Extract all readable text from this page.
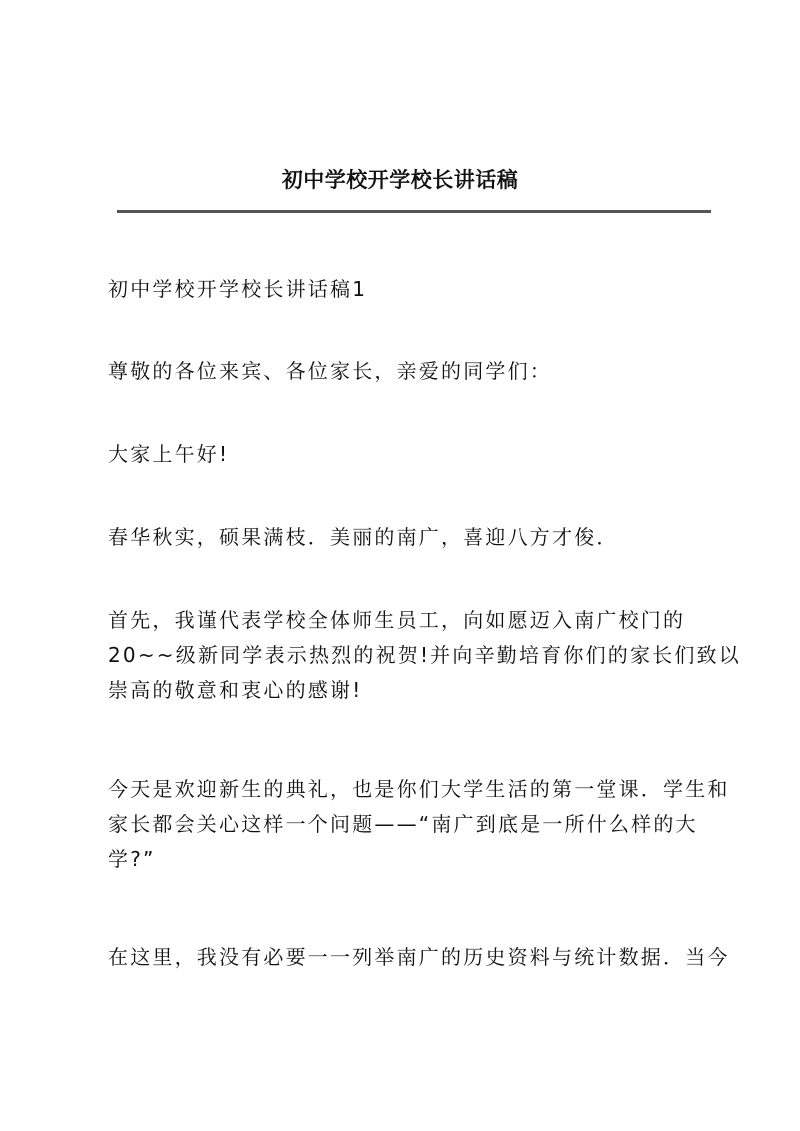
初中学校开学校长讲话稿
初中学校开学校长讲话稿1
尊敬的各位来宾、各位家长，亲爱的同学们：
大家上午好!
春华秋实，硕果满枝．美丽的南广，喜迎八方才俊．
首先，我谨代表学校全体师生员工，向如愿迈入南广校门的
20~~级新同学表示热烈的祝贺!并向辛勤培育你们的家长们致以
崇高的敬意和衷心的感谢!
今天是欢迎新生的典礼，也是你们大学生活的第一堂课．学生和
家长都会关心这样一个问题——“南广到底是一所什么样的大
学?”
在这里，我没有必要一一列举南广的历史资料与统计数据．当今
